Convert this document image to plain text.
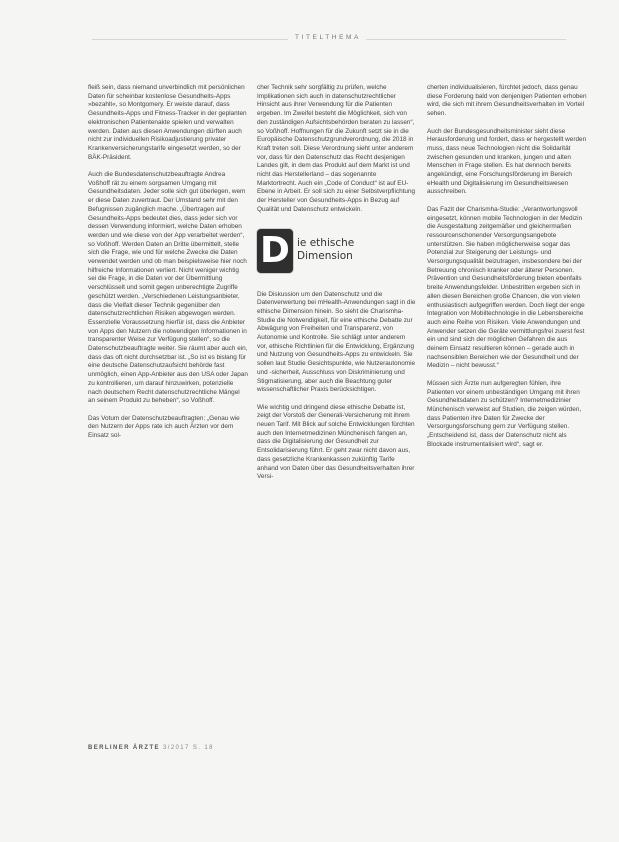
TITELTHEMA

fleiß sein, dass niemand unverbindlich mit persönlichen Daten für scheinbar kostenlose Gesundheits-Apps »bezahlt«, so Montgomery. Er weiste darauf, dass Gesundheits-Apps und Fitness-Tracker in der geplanten elektronischen Patientenakte spielen und verwalten werden. Daten aus diesen Anwendungen dürften auch nicht zur individuellen Risikoadjustierung privater Krankenversicherungstarife eingesetzt werden, so der BÄK-Präsident.

Auch die Bundesdatenschutzbeauftragte Andrea Voßhoff rät zu einem sorgsamen Umgang mit Gesundheitsdaten. Jeder solle sich gut überlegen, wem er diese Daten zuvertraut. Der Umstand sehr mit den Befugnissen zugänglich mache. „Übertragen auf Gesundheits-Apps bedeutet dies, dass jeder sich vor dessen Verwendung informiert, welche Daten erhoben werden und wie diese von der App verarbeitet werden“, so Voßhoff. Werden Daten an Dritte übermittelt, stelle sich die Frage, wie und für welche Zwecke die Daten verwendet werden und ob man beispielsweise hier noch hilfreiche Informationen verliert. Nicht weniger wichtig sei die Frage, in die Daten vor der Übermittlung verschlüsselt und somit gegen unberechtigte Zugriffe geschützt werden. „Verschiedenen Leistungsanbieter, dass die Vielfalt dieser Technik gegenüber den datenschutzrechtlichen Risiken abgewogen werden. Essenzielle Voraussetzung hierfür ist, dass die Anbieter von Apps den Nutzern die notwendigen Informationen in transparenter Weise zur Verfügung stellen“, so die Datenschutzbeauftragte weiter. Sie räumt aber auch ein, dass das oft nicht durchsetzbar ist. „So ist es bislang für eine deutsche Datenschutzaufsicht behörde fast unmöglich, einen App-Anbieter aus den USA oder Japan zu kontrollieren, um darauf hinzuwirken, potenzielle nach deutschem Recht datenschutzrechtliche Mängel an seinem Produkt zu beheben“, so Voßhoff.

Das Votum der Datenschutzbeauftragten: „Genau wie den Nutzern der Apps rate ich auch Ärzten vor dem Einsatz sol-

cher Technik sehr sorgfältig zu prüfen, welche Implikationen sich auch in datenschutzrechtlicher Hinsicht aus ihrer Verwendung für die Patienten ergeben. Im Zweifel besteht die Möglichkeit, sich von den zuständigen Aufsichtsbehörden beraten zu lassen“, so Voßhoff. Hoffnungen für die Zukunft setzt sie in die Europäische Datenschutzgrundverordnung, die 2018 in Kraft treten soll. Diese Verordnung sieht unter anderem vor, dass für den Datenschutz das Recht desjenigen Landes gilt, in dem das Produkt auf dem Markt ist und nicht das Herstellerland – das sogenannte Marktortrecht. Auch ein „Code of Conduct“ ist auf EU-Ebene in Arbeit. Er soll sich zu einer Selbstverpflichtung der Hersteller von Gesundheits-Apps in Bezug auf Qualität und Datenschutz entwickeln.

D ie ethische
Dimension

Die Diskussion um den Datenschutz und die Datenverwertung bei mHealth-Anwendungen sagt in die ethische Dimension hinein. So sieht die Charismha-Studie die Notwendigkeit, für eine ethische Debatte zur Abwägung von Freiheiten und Transparenz, von Autonomie und Kontrolle. Sie schlägt unter anderem vor, ethische Richtlinien für die Entwicklung, Ergänzung und Nutzung von Gesundheits-Apps zu entwickeln. Sie sollen laut Studie Gesichtspunkte, wie Nutzerautonomie und -sicherheit, Ausschluss von Diskriminierung und Stigmatisierung, aber auch die Beachtung guter wissenschaftlicher Praxis berücksichtigen.

Wie wichtig und dringend diese ethische Debatte ist, zeigt der Vorstoß der Generali-Versicherung mit ihrem neuen Tarif. Mit Blick auf solche Entwicklungen fürchten auch den Internetmedizinen Münchenisch fangen an, dass die Digitalisierung der Gesundheit zur Entsolidarisierung führt. Er geht zwar nicht davon aus, dass gesetzliche Krankenkassen zukünftig Tarife anhand von Daten über das Gesundheitsverhalten ihrer Versi-

cherten individualisieren, fürchtet jedoch, dass genau diese Forderung bald von denjenigen Patienten erhoben wird, die sich mit ihrem Gesundheitsverhalten im Vorteil sehen.

Auch der Bundesgesundheitsminister sieht diese Herausforderung und fordert, dass er hergestellt werden muss, dass neue Technologien nicht die Solidarität zwischen gesunden und kranken, jungen und alten Menschen in Frage stellen. Es hat dennoch bereits angekündigt, eine Forschungsförderung im Bereich eHealth und Digitalisierung im Gesundheitswesen ausschreiben.

Das Fazit der Charismha-Studie: „Verantwortungsvoll eingesetzt, können mobile Technologien in der Medizin die Ausgestaltung zeitgemäßer und gleichermaßen ressourcenschonender Versorgungsangebote unterstützen. Sie haben möglicherweise sogar das Potenzial zur Steigerung der Leistungs- und Versorgungsqualität beizutragen, insbesondere bei der Betreuung chronisch kranker oder älterer Personen. Prävention und Gesundheitsförderung bieten ebenfalls breite Anwendungsfelder. Unbestritten ergeben sich in allen diesen Bereichen große Chancen, die von vielen enthusiastisch aufgegriffen werden. Doch liegt der enge Integration von Mobiltechnologie in die Lebensbereiche auch eine Reihe von Risiken. Viele Anwendungen und Anwender setzen die Geräte vermittlungsfrei zuerst fest ein und sind sich der möglichen Gefahren die aus deinem Einsatz resultieren können – gerade auch in nachsensiblen Bereichen wie der Gesundheit und der Medizin – nicht bewusst.“

Müssen sich Ärzte nun aufgeregten fühlen, ihre Patienten vor einem unbeständigen Umgang mit ihren Gesundheitsdaten zu schützen? Internetmedizinier Münchenisch verweist auf Studien, die zeigen würden, dass Patienten ihre Daten für Zwecke der Versorgungsforschung gern zur Verfügung stellen. „Entscheidend ist, dass der Datenschutz nicht als Blockade instrumentalisiert wird“, sagt er.

BERLINER ÄRZTE 3/2017 S. 18
